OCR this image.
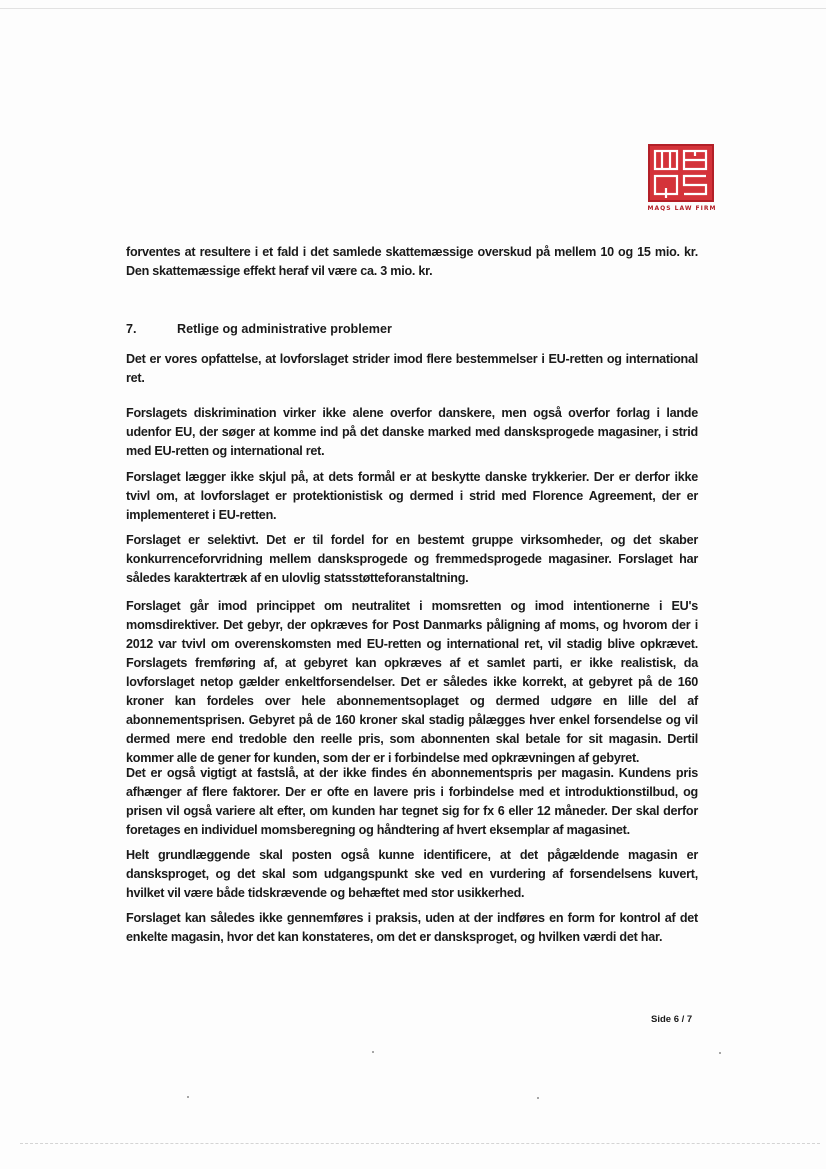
MAQS LAW FIRM

forventes at resultere i et fald i det samlede skattemæssige overskud på mellem 10 og 15 mio. kr. Den skattemæssige effekt heraf vil være ca. 3 mio. kr.

7.	Retlige og administrative problemer

Det er vores opfattelse, at lovforslaget strider imod flere bestemmelser i EU-retten og international ret.

Forslagets diskrimination virker ikke alene overfor danskere, men også overfor forlag i lande udenfor EU, der søger at komme ind på det danske marked med dansksprogede magasiner, i strid med EU-retten og international ret.

Forslaget lægger ikke skjul på, at dets formål er at beskytte danske trykkerier. Der er derfor ikke tvivl om, at lovforslaget er protektionistisk og dermed i strid med Florence Agreement, der er implementeret i EU-retten.

Forslaget er selektivt. Det er til fordel for en bestemt gruppe virksomheder, og det skaber konkurrenceforvridning mellem dansksprogede og fremmedsprogede magasiner. Forslaget har således karaktertræk af en ulovlig statsstøtteforanstaltning.

Forslaget går imod princippet om neutralitet i momsretten og imod intentionerne i EU's momsdirektiver. Det gebyr, der opkræves for Post Danmarks påligning af moms, og hvorom der i 2012 var tvivl om overenskomsten med EU-retten og international ret, vil stadig blive opkrævet. Forslagets fremføring af, at gebyret kan opkræves af et samlet parti, er ikke realistisk, da lovforslaget netop gælder enkeltforsendelser. Det er således ikke korrekt, at gebyret på de 160 kroner kan fordeles over hele abonnementsoplaget og dermed udgøre en lille del af abonnementsprisen. Gebyret på de 160 kroner skal stadig pålægges hver enkel forsendelse og vil dermed mere end tredoble den reelle pris, som abonnenten skal betale for sit magasin. Dertil kommer alle de gener for kunden, som der er i forbindelse med opkrævningen af gebyret.

Det er også vigtigt at fastslå, at der ikke findes én abonnementspris per magasin. Kundens pris afhænger af flere faktorer. Der er ofte en lavere pris i forbindelse med et introduktionstilbud, og prisen vil også variere alt efter, om kunden har tegnet sig for fx 6 eller 12 måneder. Der skal derfor foretages en individuel momsberegning og håndtering af hvert eksemplar af magasinet.

Helt grundlæggende skal posten også kunne identificere, at det pågældende magasin er dansksproget, og det skal som udgangspunkt ske ved en vurdering af forsendelsens kuvert, hvilket vil være både tidskrævende og behæftet med stor usikkerhed.

Forslaget kan således ikke gennemføres i praksis, uden at der indføres en form for kontrol af det enkelte magasin, hvor det kan konstateres, om det er dansksproget, og hvilken værdi det har.

Side 6 / 7
